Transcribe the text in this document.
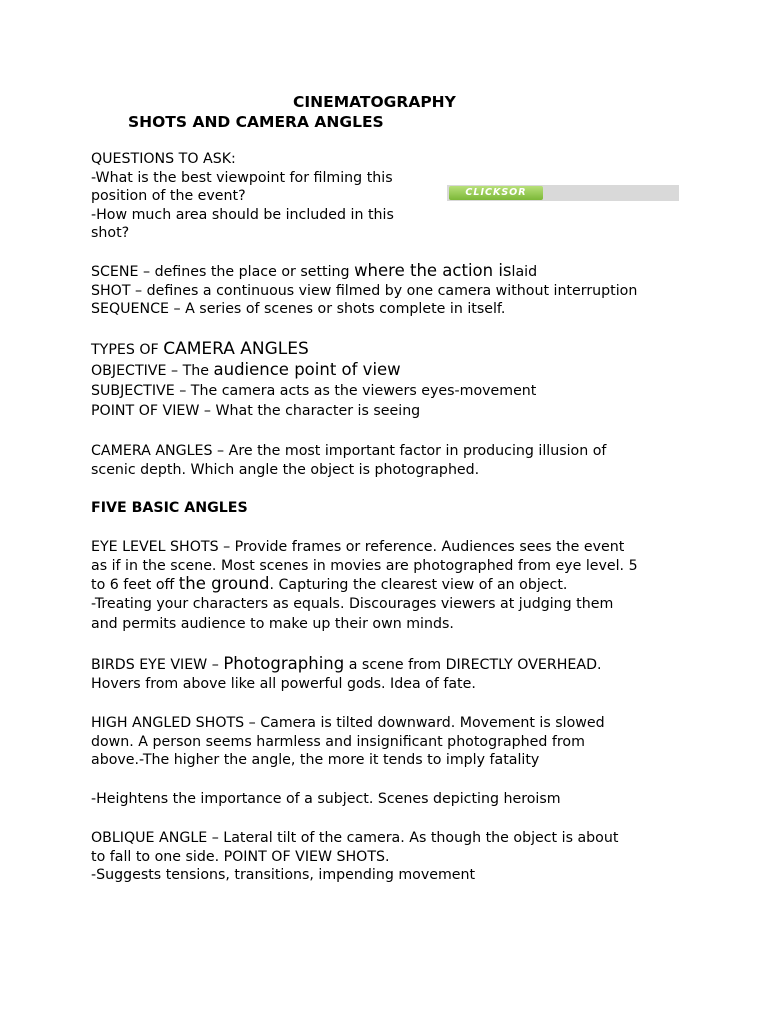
CINEMATOGRAPHY
SHOTS AND CAMERA ANGLES
QUESTIONS TO ASK:
-What is the best viewpoint for filming this
position of the event?
-How much area should be included in this
shot?
CLICKSOR
SCENE – defines the place or setting where the action islaid
SHOT – defines a continuous view filmed by one camera without interruption
SEQUENCE – A series of scenes or shots complete in itself.
TYPES OF CAMERA ANGLES
OBJECTIVE – The audience point of view
SUBJECTIVE – The camera acts as the viewers eyes-movement
POINT OF VIEW – What the character is seeing
CAMERA ANGLES – Are the most important factor in producing illusion of
scenic depth. Which angle the object is photographed.
FIVE BASIC ANGLES
EYE LEVEL SHOTS – Provide frames or reference. Audiences sees the event
as if in the scene. Most scenes in movies are photographed from eye level. 5
to 6 feet off the ground. Capturing the clearest view of an object.
-Treating your characters as equals. Discourages viewers at judging them
and permits audience to make up their own minds.
BIRDS EYE VIEW – Photographing a scene from DIRECTLY OVERHEAD.
Hovers from above like all powerful gods. Idea of fate.
HIGH ANGLED SHOTS – Camera is tilted downward. Movement is slowed
down. A person seems harmless and insignificant photographed from
above.-The higher the angle, the more it tends to imply fatality
-Heightens the importance of a subject. Scenes depicting heroism
OBLIQUE ANGLE – Lateral tilt of the camera. As though the object is about
to fall to one side. POINT OF VIEW SHOTS.
-Suggests tensions, transitions, impending movement
